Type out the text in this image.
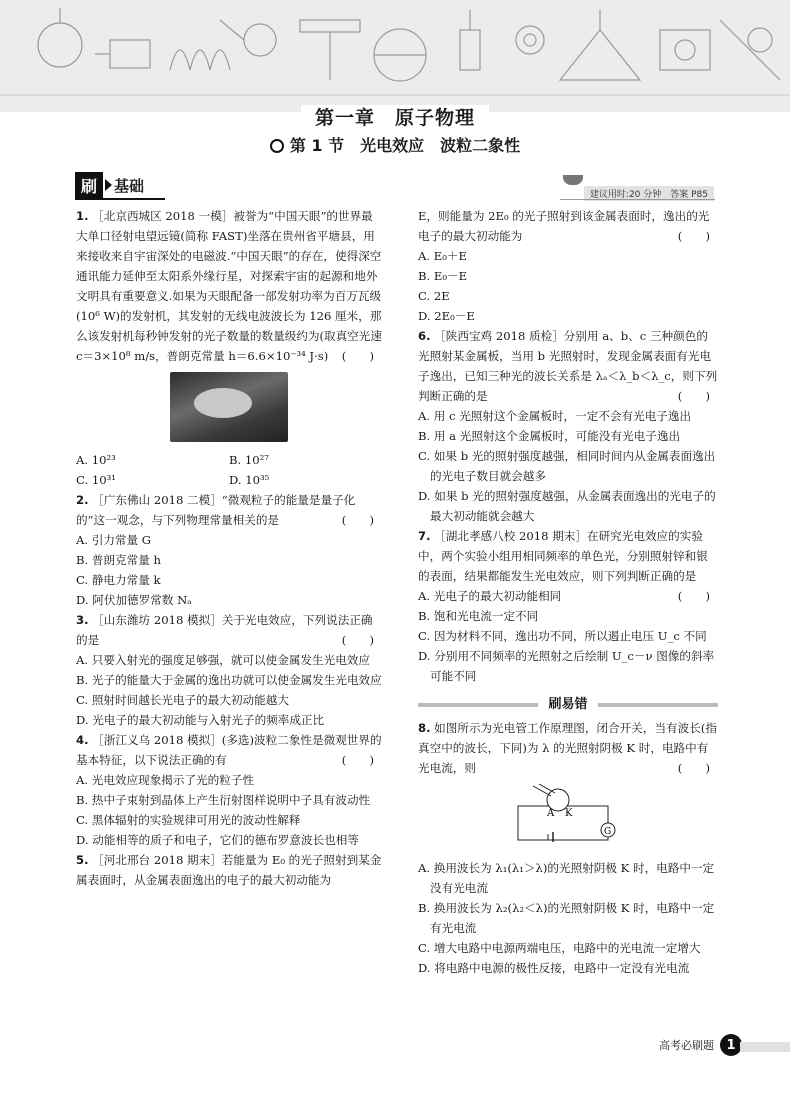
第一章　原子物理
第 1 节　光电效应　波粒二象性
刷	基础
建议用时:20 分钟　答案 P85

1. ［北京西城区 2018 一模］被誉为“中国天眼”的世界最大单口径射电望远镜(简称 FAST)坐落在贵州省平塘县，用来接收来自宇宙深处的电磁波.“中国天眼”的存在，使得深空通讯能力延伸至太阳系外缘行星，对探索宇宙的起源和地外文明具有重要意义.如果为天眼配备一部发射功率为百万瓦级(10⁶ W)的发射机，其发射的无线电波波长为 126 厘米，那么该发射机每秒钟发射的光子数量的数量级约为(取真空光速 c＝3×10⁸ m/s，普朗克常量 h＝6.6×10⁻³⁴ J·s) (　　)

A. 10²³	B. 10²⁷
C. 10³¹	D. 10³⁵

2. ［广东佛山 2018 二模］“微观粒子的能量是量子化的”这一观念，与下列物理常量相关的是	(　　)

A. 引力常量 G

B. 普朗克常量 h

C. 静电力常量 k

D. 阿伏加德罗常数 Nₐ

3. ［山东潍坊 2018 模拟］关于光电效应，下列说法正确的是	(　　)

A. 只要入射光的强度足够强，就可以使金属发生光电效应

B. 光子的能量大于金属的逸出功就可以使金属发生光电效应

C. 照射时间越长光电子的最大初动能越大

D. 光电子的最大初动能与入射光子的频率成正比

4. ［浙江义乌 2018 模拟］(多选)波粒二象性是微观世界的基本特征，以下说法正确的有	(　　)

A. 光电效应现象揭示了光的粒子性

B. 热中子束射到晶体上产生衍射图样说明中子具有波动性

C. 黑体辐射的实验规律可用光的波动性解释

D. 动能相等的质子和电子，它们的德布罗意波长也相等

5. ［河北邢台 2018 期末］若能量为 E₀ 的光子照射到某金属表面时，从金属表面逸出的电子的最大初动能为

E，则能量为 2E₀ 的光子照射到该金属表面时，逸出的光电子的最大初动能为	(　　)

A. E₀＋E

B. E₀－E

C. 2E

D. 2E₀－E

6. ［陕西宝鸡 2018 质检］分别用 a、b、c 三种颜色的光照射某金属板，当用 b 光照射时，发现金属表面有光电子逸出，已知三种光的波长关系是 λₐ＜λ_b＜λ_c，则下列判断正确的是	(　　)

A. 用 c 光照射这个金属板时，一定不会有光电子逸出

B. 用 a 光照射这个金属板时，可能没有光电子逸出

C. 如果 b 光的照射强度越强，相同时间内从金属表面逸出的光电子数目就会越多

D. 如果 b 光的照射强度越强，从金属表面逸出的光电子的最大初动能就会越大

7. ［湖北孝感八校 2018 期末］在研究光电效应的实验中，两个实验小组用相同频率的单色光，分别照射锌和银的表面，结果都能发生光电效应，则下列判断正确的是
(　　)

A. 光电子的最大初动能相同

B. 饱和光电流一定不同

C. 因为材料不同，逸出功不同，所以遏止电压 U_c 不同

D. 分别用不同频率的光照射之后绘制 U_c－ν 图像的斜率可能不同

刷易错

8. 如图所示为光电管工作原理图，闭合开关，当有波长(指真空中的波长，下同)为 λ 的光照射阴极 K 时，电路中有光电流，则	(　　)

A K
G

A. 换用波长为 λ₁(λ₁＞λ)的光照射阴极 K 时，电路中一定没有光电流

B. 换用波长为 λ₂(λ₂＜λ)的光照射阴极 K 时，电路中一定有光电流

C. 增大电路中电源两端电压，电路中的光电流一定增大

D. 将电路中电源的极性反接，电路中一定没有光电流

高考必刷题 1
